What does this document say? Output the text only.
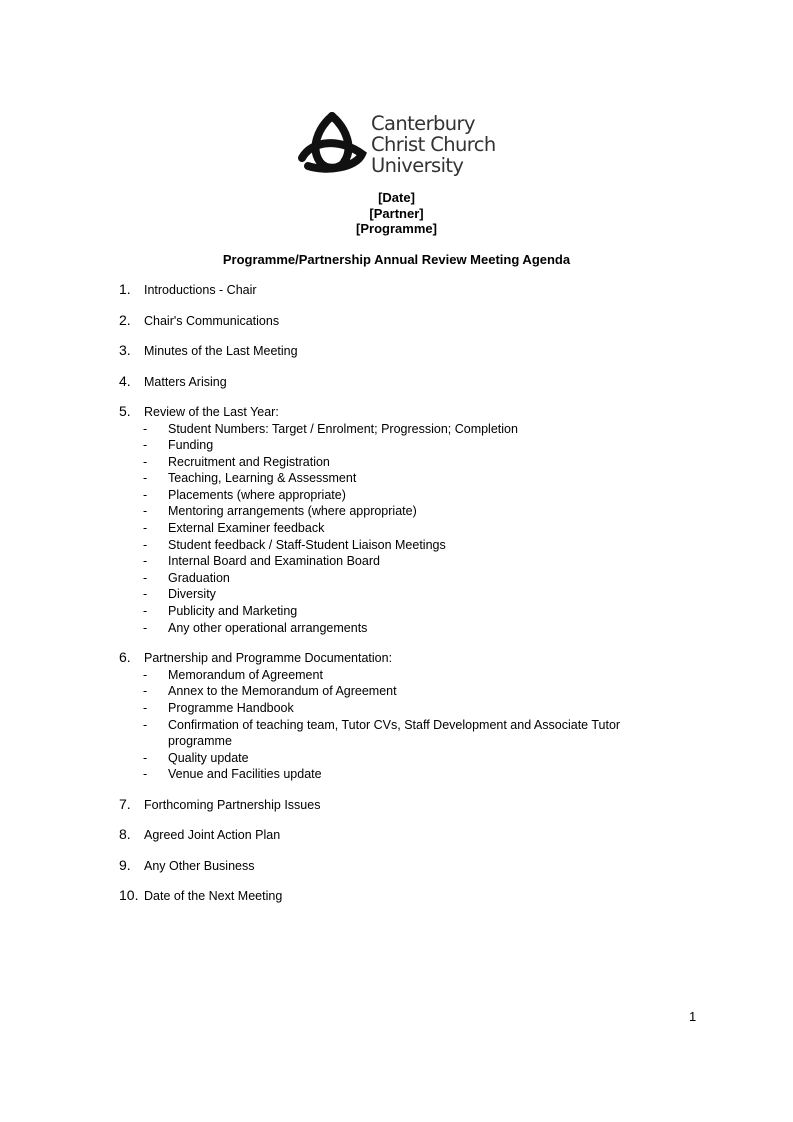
Canterbury
Christ Church
University
[Date]
[Partner]
[Programme]
Programme/Partnership Annual Review Meeting Agenda
1.	Introductions - Chair
2.	Chair's Communications
3.	Minutes of the Last Meeting
4.	Matters Arising
5.	Review of the Last Year:
- Student Numbers: Target / Enrolment; Progression; Completion
- Funding
- Recruitment and Registration
- Teaching, Learning & Assessment
- Placements (where appropriate)
- Mentoring arrangements (where appropriate)
- External Examiner feedback
- Student feedback / Staff-Student Liaison Meetings
- Internal Board and Examination Board
- Graduation
- Diversity
- Publicity and Marketing
- Any other operational arrangements
6.	Partnership and Programme Documentation:
- Memorandum of Agreement
- Annex to the Memorandum of Agreement
- Programme Handbook
- Confirmation of teaching team, Tutor CVs, Staff Development and Associate Tutor programme
- Quality update
- Venue and Facilities update
7.	Forthcoming Partnership Issues
8.	Agreed Joint Action Plan
9.	Any Other Business
10. Date of the Next Meeting
1
